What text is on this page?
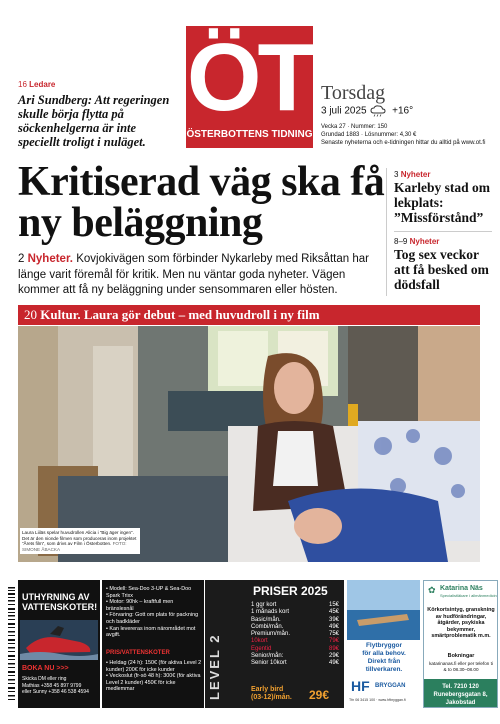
16 Ledare
Ari Sundberg: Att regeringen skulle börja flytta på söckenhelgerna är inte speciellt troligt i nuläget.
ÖT
ÖSTERBOTTENS TIDNING
Torsdag
3 juli 2025	+16°
Vecka 27 · Nummer: 150
Grundad 1883 · Lösnummer: 4,30 €
Senaste nyheterna och e-tidningen hittar du alltid på www.ot.fi
Kritiserad väg ska få ny beläggning
2 Nyheter. Kovjokivägen som förbinder Nykarleby med Riksåttan har länge varit föremål för kritik. Men nu väntar goda nyheter. Vägen kommer att få ny beläggning under sensommaren eller hösten.
3 Nyheter
Karleby stad om lekplats: ”Missförstånd”
8–9 Nyheter
Tog sex veckor att få besked om dödsfall
20 Kultur. Laura gör debut – med huvudroll i ny film
Laura Liiläs spelar huvudrollen Alicia i ”Big äger ingen”. Det är den nionde filmen som produceras inom projektet ”Årets film”, som drivs av Film i Österbotten. FOTO: SIMONE ÅBACKA
UTHYRNING AV VATTENSKOTER!
BOKA NU >>>
Skicka DM eller ring
Mathias +358 45 897 9799
eller Sunny +358 46 538 4594
• Modell: Sea-Doo 3-UP & Sea-Doo Spark Trixx
• Motor: 90hk – kraftfull men bränslesnål
• Förvaring: Gott om plats för packning och badkläder
• Kan levereras inom närområdet mot avgift.
PRIS/VATTENSKOTER
• Heldag (24 h): 150€ (för aktiva Level 2 kunder) 200€ för icke kunder
• Veckoslut (fr-sö 48 h): 300€ (för aktiva Level 2 kunder) 450€ för icke medlemmar	LEVEL 2
PRISER 2025
1 ggr kort	15€
1 månads kort	45€
Basic/mån.	39€
Combi/mån.	49€
Premium/mån.	75€
10kort	79€
Egentid	89€
Senior/mån:	29€
Senior 10kort	49€
Early bird
(03-12)/mån. 29€
Flytbryggor
för alla behov.
Direkt från
tillverkaren.
HF BRYGGAN
Tfn 06 3415 100 · www.hfbryggan.fi
✿ Katarina Näs
Specialistläkare i allmänmedicin
Körkortsintyg, granskning av hudförändringar, åtgärder, psykiska bekymmer, smärtproblematik m.m.
Bokningar
katarinanas.fi eller per telefon ti & to 08.30–08.00
Tel. 7210 120
Runebergsgatan 8, Jakobstad
